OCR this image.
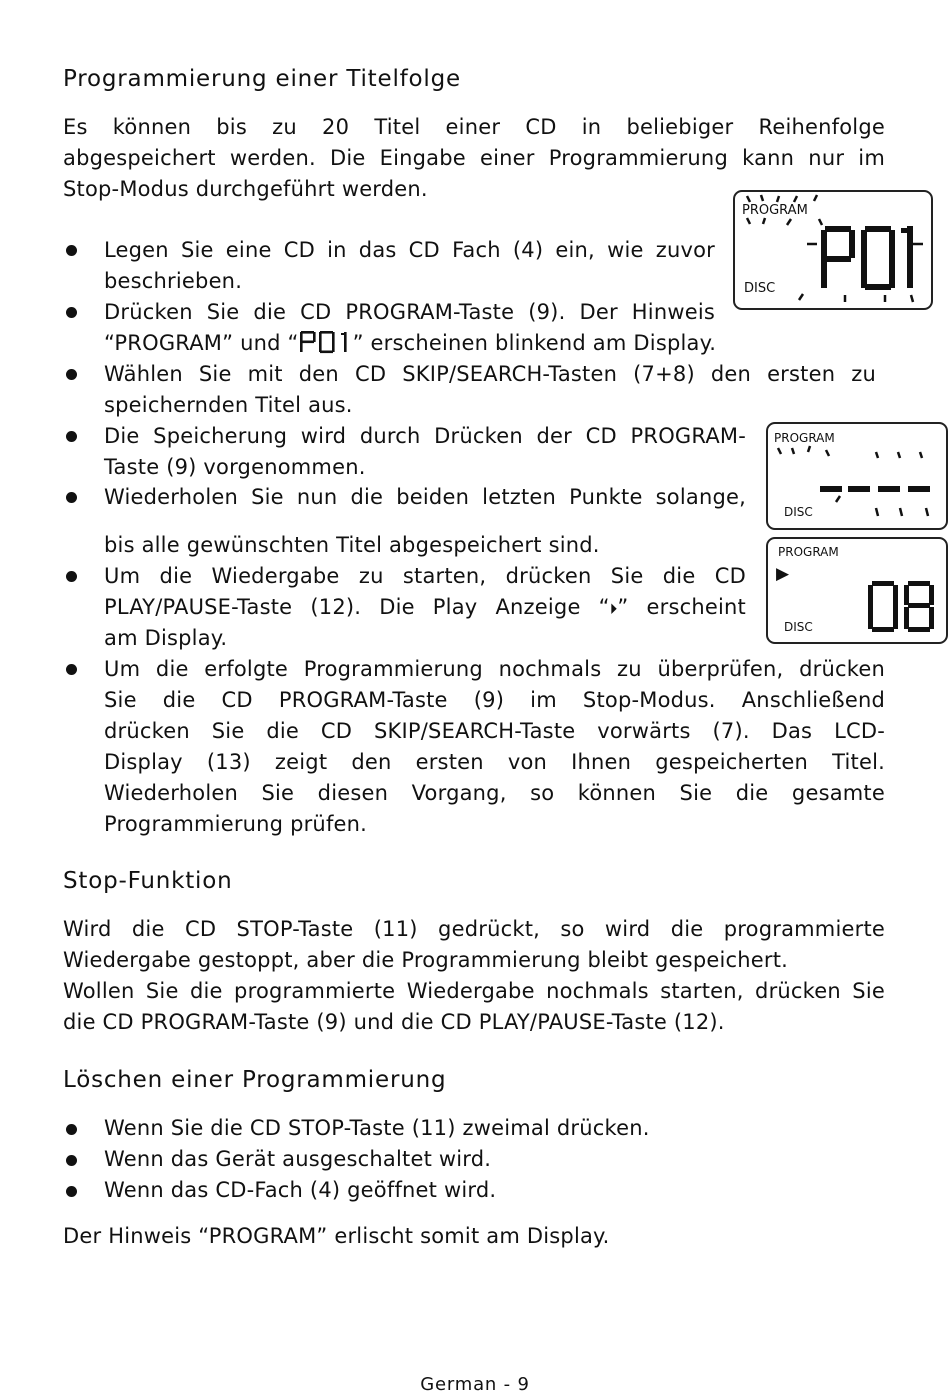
Programmierung einer Titelfolge

Es können bis zu 20 Titel einer CD in beliebiger Reihenfolge

abgespeichert werden. Die Eingabe einer Programmierung kann nur im

Stop-Modus durchgeführt werden.

Legen Sie eine CD in das CD Fach (4) ein, wie zuvor

beschrieben.

Drücken Sie die CD PROGRAM-Taste (9). Der Hinweis

“PROGRAM” und “	” erscheinen blinkend am Display.

Wählen Sie mit den CD SKIP/SEARCH-Tasten (7+8) den ersten zu

speichernden Titel aus.

Die Speicherung wird durch Drücken der CD PROGRAM-

Taste (9) vorgenommen.

Wiederholen Sie nun die beiden letzten Punkte solange,

bis alle gewünschten Titel abgespeichert sind.

Um die Wiedergabe zu starten, drücken Sie die CD

PLAY/PAUSE-Taste (12). Die Play Anzeige “⏵” erscheint

am Display.

Um die erfolgte Programmierung nochmals zu überprüfen, drücken

Sie die CD PROGRAM-Taste (9) im Stop-Modus. Anschließend

drücken Sie die CD SKIP/SEARCH-Taste vorwärts (7). Das LCD-

Display (13) zeigt den ersten von Ihnen gespeicherten Titel.

Wiederholen Sie diesen Vorgang, so können Sie die gesamte

Programmierung prüfen.

PROGRAM
DISC
PROGRAM
DISC
PROGRAM
▶
DISC
Stop-Funktion

Wird die CD STOP-Taste (11) gedrückt, so wird die programmierte

Wiedergabe gestoppt, aber die Programmierung bleibt gespeichert.

Wollen Sie die programmierte Wiedergabe nochmals starten, drücken Sie

die CD PROGRAM-Taste (9) und die CD PLAY/PAUSE-Taste (12).

Löschen einer Programmierung

Wenn Sie die CD STOP-Taste (11) zweimal drücken.

Wenn das Gerät ausgeschaltet wird.

Wenn das CD-Fach (4) geöffnet wird.

Der Hinweis “PROGRAM” erlischt somit am Display.

German - 9
